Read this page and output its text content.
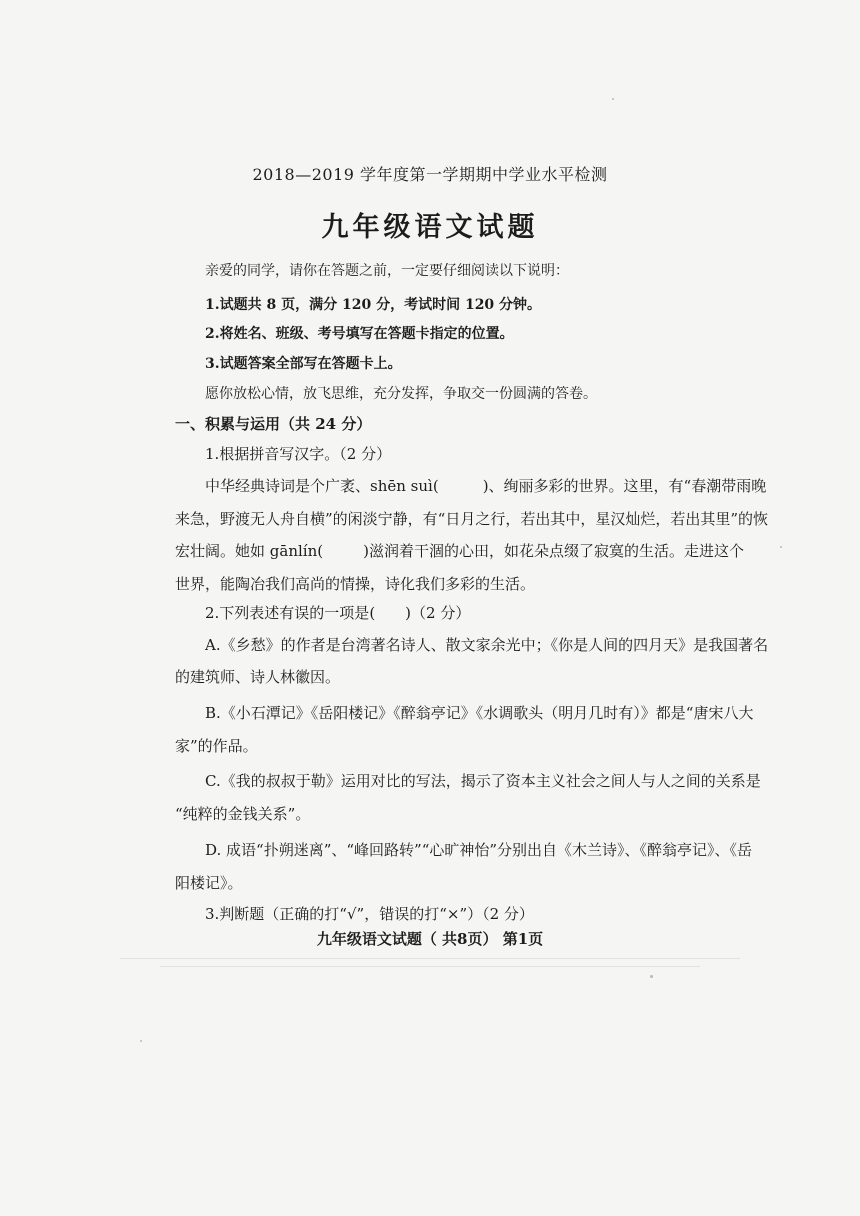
2018—2019 学年度第一学期期中学业水平检测
九年级语文试题
亲爱的同学，请你在答题之前，一定要仔细阅读以下说明：
1.试题共 8 页，满分 120 分，考试时间 120 分钟。
2.将姓名、班级、考号填写在答题卡指定的位置。
3.试题答案全部写在答题卡上。
愿你放松心情，放飞思维，充分发挥，争取交一份圆满的答卷。
一、积累与运用（共 24 分）
1.根据拼音写汉字。（2 分）
中华经典诗词是个广袤、shēn suì(	)、绚丽多彩的世界。这里，有“春潮带雨晚
来急，野渡无人舟自横”的闲淡宁静，有“日月之行，若出其中，星汉灿烂，若出其里”的恢
宏壮阔。她如 gānlín(	)滋润着干涸的心田，如花朵点缀了寂寞的生活。走进这个
世界，能陶冶我们高尚的情操，诗化我们多彩的生活。
2.下列表述有误的一项是(　　)（2 分）
A.《乡愁》的作者是台湾著名诗人、散文家余光中；《你是人间的四月天》是我国著名
的建筑师、诗人林徽因。
B.《小石潭记》《岳阳楼记》《醉翁亭记》《水调歌头（明月几时有）》都是“唐宋八大
家”的作品。
C.《我的叔叔于勒》运用对比的写法，揭示了资本主义社会之间人与人之间的关系是
“纯粹的金钱关系”。
D. 成语“扑朔迷离”、“峰回路转”“心旷神怡”分别出自《木兰诗》、《醉翁亭记》、《岳
阳楼记》。
3.判断题（正确的打“√”，错误的打“×”）（2 分）
九年级语文试题（ 共8页） 第1页
